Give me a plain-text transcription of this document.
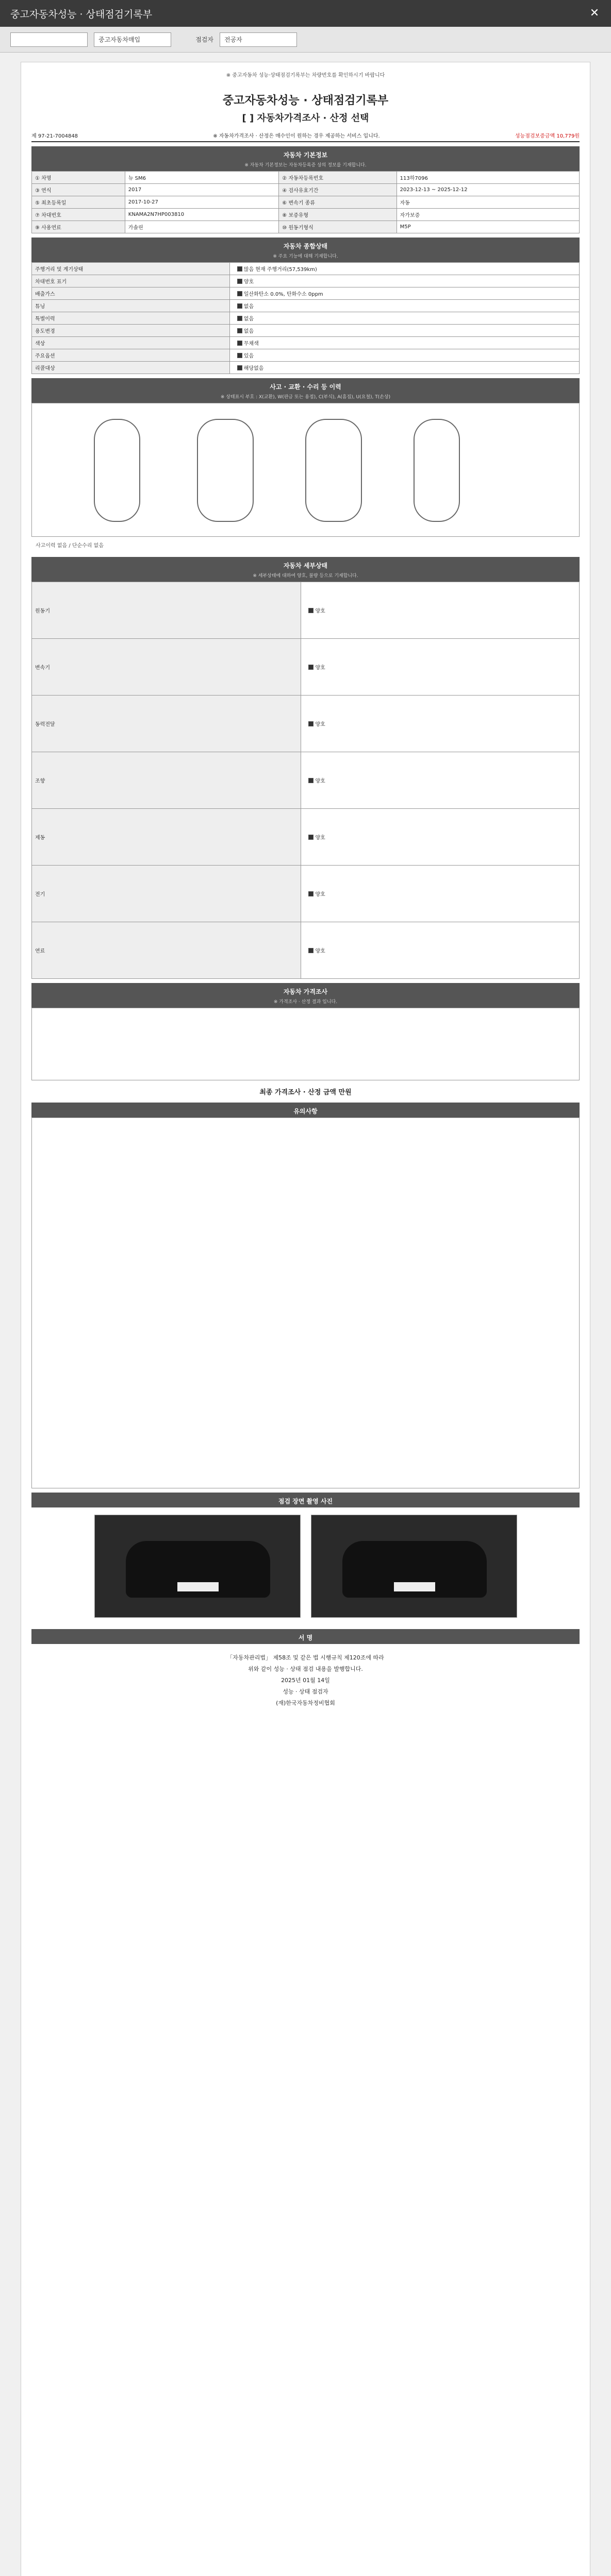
중고자동차성능 · 상태점검기록부	✕
중고자동차매입	점검자	전공자
※ 중고자동차 성능·상태점검기록부는 차량번호를 확인하시기 바랍니다
중고자동차성능 · 상태점검기록부
[ ] 자동차가격조사 · 산정 선택
제 97-21-7004848	※ 자동차가격조사 · 산정은 매수인이 원하는 경우 제공하는 서비스 입니다.	성능점검보증금액 10,779원
자동차 기본정보
※ 자동차 기본정보는 자동차등록증 상의 정보를 기재합니다.
① 차명	뉴 SM6	② 자동차등록번호	113하7096
③ 연식	2017	④ 검사유효기간	2023-12-13 ~ 2025-12-12
⑤ 최초등록일	2017-10-27	⑥ 변속기 종류	자동
⑦ 차대번호	KNAMA2N7HP003810	⑧ 보증유형	자가보증
⑨ 사용연료	가솔린	⑩ 원동기형식	M5P
자동차 종합상태
※ 주요 기능에 대해 기재합니다.
주행거리 및 계기상태	많음 현재 주행거리(57,539km)
차대번호 표기	양호
배출가스	일산화탄소 0.0%, 탄화수소 0ppm
튜닝	없음
특별이력	없음
용도변경	없음
색상	무채색
주요옵션	있음
리콜대상	해당없음
사고 · 교환 · 수리 등 이력
※ 상태표시 부호 : X(교환), W(판금 또는 용접), C(부식), A(흠집), U(요철), T(손상)
사고이력 없음 / 단순수리 없음
자동차 세부상태
※ 세부상태에 대하여 양호, 불량 등으로 기재합니다.
원동기	양호
변속기	양호
동력전달	양호
조향	양호
제동	양호
전기	양호
연료	양호
자동차 가격조사
※ 가격조사 · 산정 결과 입니다.
최종 가격조사 · 산정 금액 만원
유의사항
점검 장면 촬영 사진
서 명
「자동차관리법」 제58조 및 같은 법 시행규칙 제120조에 따라
위와 같이 성능 · 상태 점검 내용을 발행합니다.
2025년 01월 14일
성능 · 상태 점검자
(재)한국자동차정비협회
